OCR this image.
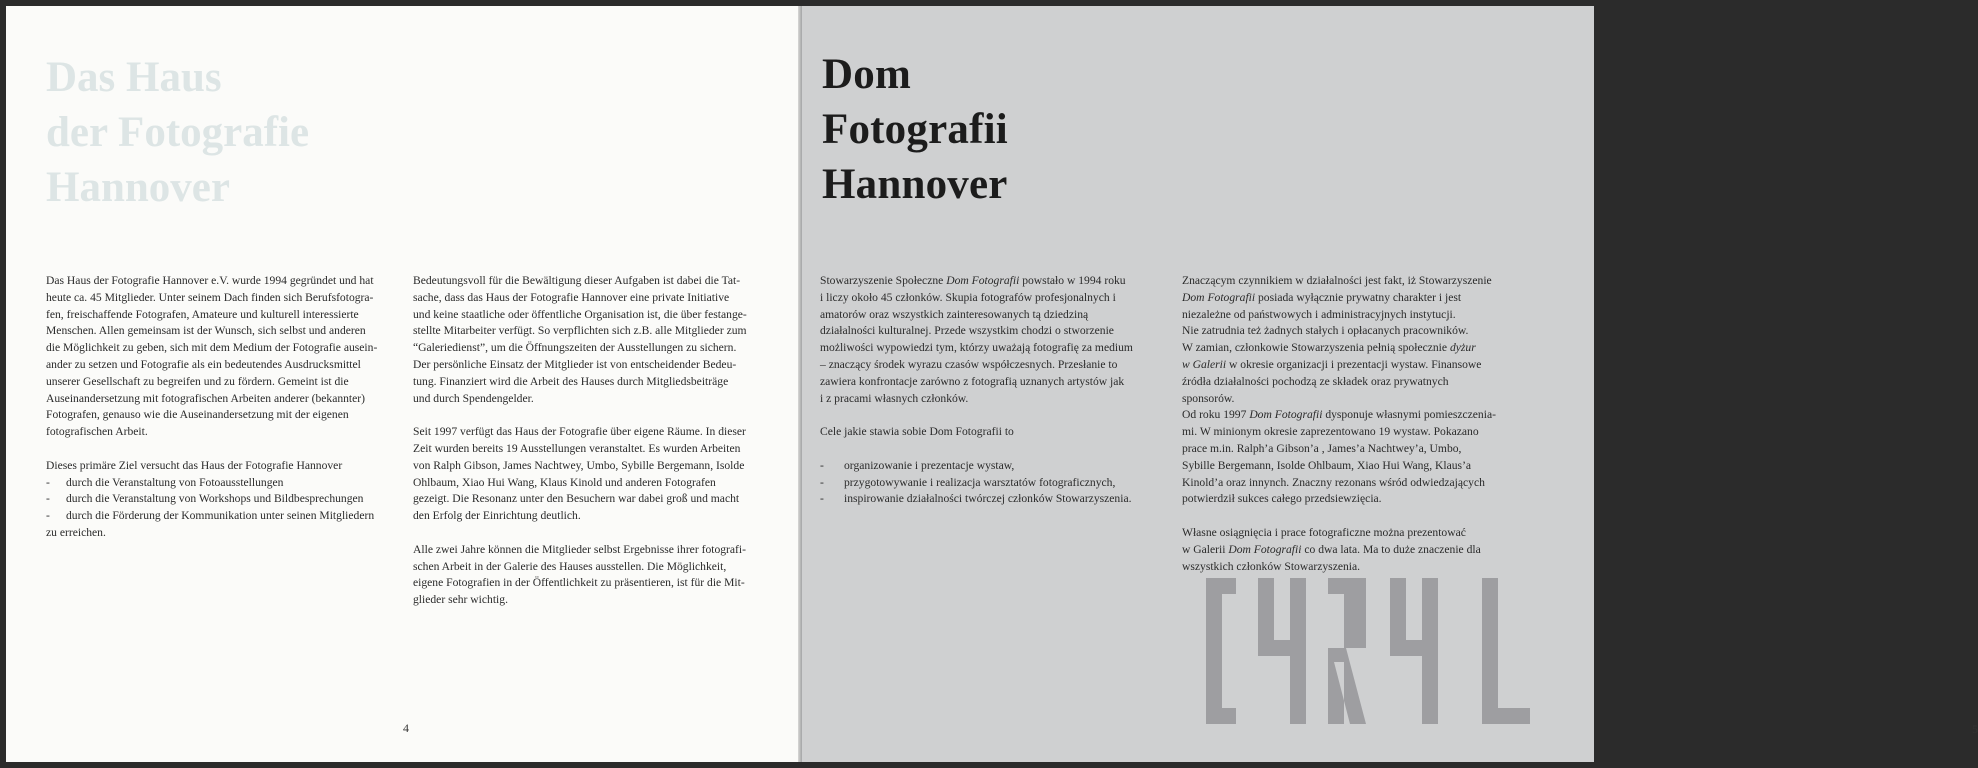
Das Haus
der Fotografie
Hannover

Das Haus der Fotografie Hannover e.V. wurde 1994 gegründet und hat
heute ca. 45 Mitglieder. Unter seinem Dach finden sich Berufsfotogra-
fen, freischaffende Fotografen, Amateure und kulturell interessierte
Menschen. Allen gemeinsam ist der Wunsch, sich selbst und anderen
die Möglichkeit zu geben, sich mit dem Medium der Fotografie ausein-
ander zu setzen und Fotografie als ein bedeutendes Ausdrucksmittel
unserer Gesellschaft zu begreifen und zu fördern. Gemeint ist die
Auseinandersetzung mit fotografischen Arbeiten anderer (bekannter)
Fotografen, genauso wie die Auseinandersetzung mit der eigenen
fotografischen Arbeit.

Dieses primäre Ziel versucht das Haus der Fotografie Hannover
- durch die Veranstaltung von Fotoausstellungen
- durch die Veranstaltung von Workshops und Bildbesprechungen
- durch die Förderung der Kommunikation unter seinen Mitgliedern
zu erreichen.

Bedeutungsvoll für die Bewältigung dieser Aufgaben ist dabei die Tat-
sache, dass das Haus der Fotografie Hannover eine private Initiative
und keine staatliche oder öffentliche Organisation ist, die über festange-
stellte Mitarbeiter verfügt. So verpflichten sich z.B. alle Mitglieder zum
“Galeriedienst”, um die Öffnungszeiten der Ausstellungen zu sichern.
Der persönliche Einsatz der Mitglieder ist von entscheidender Bedeu-
tung. Finanziert wird die Arbeit des Hauses durch Mitgliedsbeiträge
und durch Spendengelder.

Seit 1997 verfügt das Haus der Fotografie über eigene Räume. In dieser
Zeit wurden bereits 19 Ausstellungen veranstaltet. Es wurden Arbeiten
von Ralph Gibson, James Nachtwey, Umbo, Sybille Bergemann, Isolde
Ohlbaum, Xiao Hui Wang, Klaus Kinold und anderen Fotografen
gezeigt. Die Resonanz unter den Besuchern war dabei groß und macht
den Erfolg der Einrichtung deutlich.

Alle zwei Jahre können die Mitglieder selbst Ergebnisse ihrer fotografi-
schen Arbeit in der Galerie des Hauses ausstellen. Die Möglichkeit,
eigene Fotografien in der Öffentlichkeit zu präsentieren, ist für die Mit-
glieder sehr wichtig.

4
Dom
Fotografii
Hannover

Stowarzyszenie Społeczne Dom Fotografii powstało w 1994 roku
i liczy około 45 członków. Skupia fotografów profesjonalnych i
amatorów oraz wszystkich zainteresowanych tą dziedziną
działalności kulturalnej. Przede wszystkim chodzi o stworzenie
możliwości wypowiedzi tym, którzy uważają fotografię za medium
– znaczący środek wyrazu czasów współczesnych. Przesłanie to
zawiera konfrontacje zarówno z fotografią uznanych artystów jak
i z pracami własnych członków.

Cele jakie stawia sobie Dom Fotografii to

- organizowanie i prezentacje wystaw,
- przygotowywanie i realizacja warsztatów fotograficznych,
- inspirowanie działalności twórczej członków Stowarzyszenia.

Znaczącym czynnikiem w działalności jest fakt, iż Stowarzyszenie
Dom Fotografii posiada wyłącznie prywatny charakter i jest
niezależne od państwowych i administracyjnych instytucji.
Nie zatrudnia też żadnych stałych i opłacanych pracowników.
W zamian, członkowie Stowarzyszenia pełnią społecznie dyżur
w Galerii w okresie organizacji i prezentacji wystaw. Finansowe
źródła działalności pochodzą ze składek oraz prywatnych
sponsorów.
Od roku 1997 Dom Fotografii dysponuje własnymi pomieszczenia-
mi. W minionym okresie zaprezentowano 19 wystaw. Pokazano
prace m.in. Ralph’a Gibson’a , James’a Nachtwey’a, Umbo,
Sybille Bergemann, Isolde Ohlbaum, Xiao Hui Wang, Klaus’a
Kinold’a oraz innynch. Znaczny rezonans wśród odwiedzających
potwierdził sukces całego przedsiewzięcia.

Własne osiągnięcia i prace fotograficzne można prezentować
w Galerii Dom Fotografii co dwa lata. Ma to duże znaczenie dla
wszystkich członków Stowarzyszenia.

5
